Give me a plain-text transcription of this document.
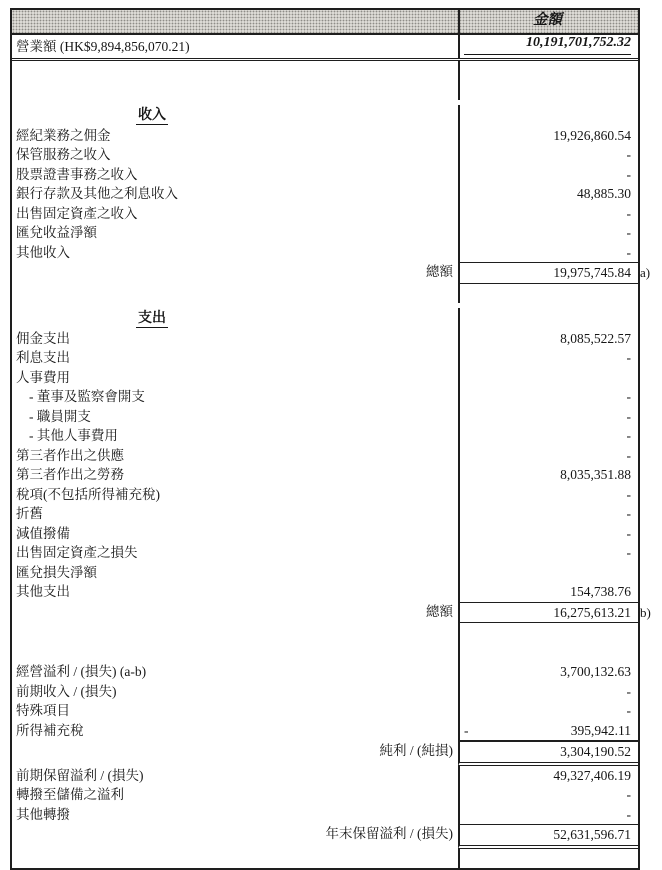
金額
營業額 (HK$9,894,856,070.21)	10,191,701,752.32
收入
經紀業務之佣金	19,926,860.54
保管服務之收入	-
股票證書事務之收入	-
銀行存款及其他之利息收入	48,885.30
出售固定資產之收入	-
匯兌收益淨額	-
其他收入	-
總額	19,975,745.84 a)
支出
佣金支出	8,085,522.57
利息支出	-
人事費用
- 董事及監察會開支	-
- 職員開支	-
- 其他人事費用	-
第三者作出之供應	-
第三者作出之勞務	8,035,351.88
稅項(不包括所得補充稅)	-
折舊	-
減值撥備	-
出售固定資產之損失	-
匯兌損失淨額
其他支出	154,738.76
總額	16,275,613.21 b)
經營溢利 / (損失) (a-b)	3,700,132.63
前期收入 / (損失)	-
特殊項目	-
所得補充稅	-	395,942.11
純利 / (純損)	3,304,190.52
前期保留溢利 / (損失)	49,327,406.19
轉撥至儲備之溢利	-
其他轉撥	-
年末保留溢利 / (損失)	52,631,596.71
